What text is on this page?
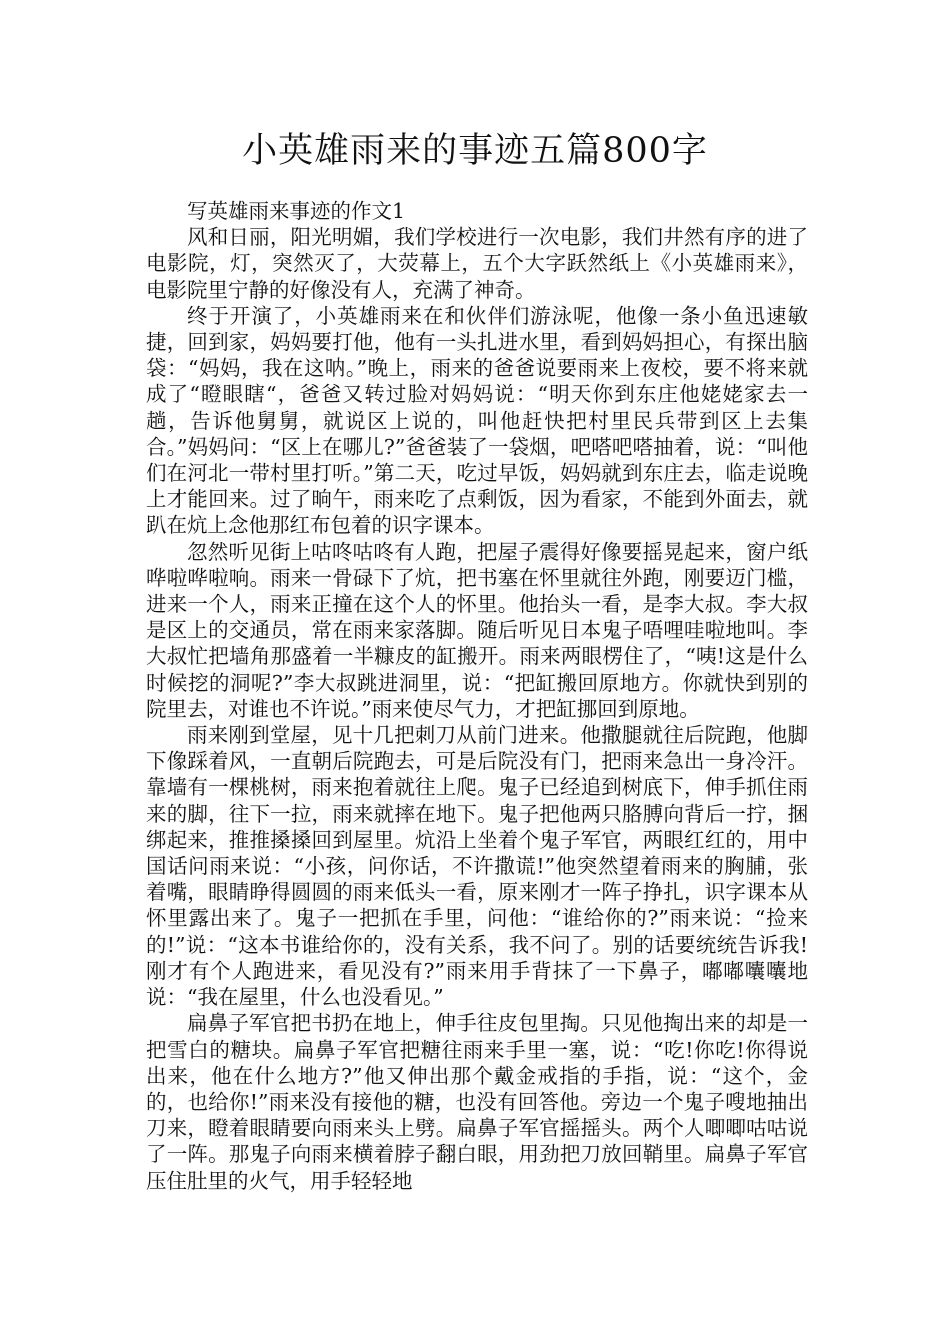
小英雄雨来的事迹五篇800字

写英雄雨来事迹的作文1

风和日丽，阳光明媚，我们学校进行一次电影，我们井然有序的进了电影院，灯，突然灭了，大荧幕上，五个大字跃然纸上《小英雄雨来》，电影院里宁静的好像没有人，充满了神奇。

终于开演了，小英雄雨来在和伙伴们游泳呢，他像一条小鱼迅速敏捷，回到家，妈妈要打他，他有一头扎进水里，看到妈妈担心，有探出脑袋：“妈妈，我在这呐。”晚上，雨来的爸爸说要雨来上夜校，要不将来就成了“瞪眼瞎“，爸爸又转过脸对妈妈说：“明天你到东庄他姥姥家去一趟，告诉他舅舅，就说区上说的，叫他赶快把村里民兵带到区上去集合。”妈妈问：“区上在哪儿?”爸爸装了一袋烟，吧嗒吧嗒抽着，说：“叫他们在河北一带村里打听。”第二天，吃过早饭，妈妈就到东庄去，临走说晚上才能回来。过了晌午，雨来吃了点剩饭，因为看家，不能到外面去，就趴在炕上念他那红布包着的识字课本。

忽然听见街上咕咚咕咚有人跑，把屋子震得好像要摇晃起来，窗户纸哗啦哗啦响。雨来一骨碌下了炕，把书塞在怀里就往外跑，刚要迈门槛，进来一个人，雨来正撞在这个人的怀里。他抬头一看，是李大叔。李大叔是区上的交通员，常在雨来家落脚。随后听见日本鬼子唔哩哇啦地叫。李大叔忙把墙角那盛着一半糠皮的缸搬开。雨来两眼楞住了，“咦!这是什么时候挖的洞呢?”李大叔跳进洞里，说：“把缸搬回原地方。你就快到别的院里去，对谁也不许说。”雨来使尽气力，才把缸挪回到原地。

雨来刚到堂屋，见十几把刺刀从前门进来。他撒腿就往后院跑，他脚下像踩着风，一直朝后院跑去，可是后院没有门，把雨来急出一身冷汗。靠墙有一棵桃树，雨来抱着就往上爬。鬼子已经追到树底下，伸手抓住雨来的脚，往下一拉，雨来就摔在地下。鬼子把他两只胳膊向背后一拧，捆绑起来，推推搡搡回到屋里。炕沿上坐着个鬼子军官，两眼红红的，用中国话问雨来说：“小孩，问你话，不许撒谎!”他突然望着雨来的胸脯，张着嘴，眼睛睁得圆圆的雨来低头一看，原来刚才一阵子挣扎，识字课本从怀里露出来了。鬼子一把抓在手里，问他：“谁给你的?”雨来说：“捡来的!”说：“这本书谁给你的，没有关系，我不问了。别的话要统统告诉我!刚才有个人跑进来，看见没有?”雨来用手背抹了一下鼻子，嘟嘟囔囔地说：“我在屋里，什么也没看见。”

扁鼻子军官把书扔在地上，伸手往皮包里掏。只见他掏出来的却是一把雪白的糖块。扁鼻子军官把糖往雨来手里一塞，说：“吃!你吃!你得说出来，他在什么地方?”他又伸出那个戴金戒指的手指，说：“这个，金的，也给你!”雨来没有接他的糖，也没有回答他。旁边一个鬼子嗖地抽出刀来，瞪着眼睛要向雨来头上劈。扁鼻子军官摇摇头。两个人唧唧咕咕说了一阵。那鬼子向雨来横着脖子翻白眼，用劲把刀放回鞘里。扁鼻子军官压住肚里的火气，用手轻轻地
